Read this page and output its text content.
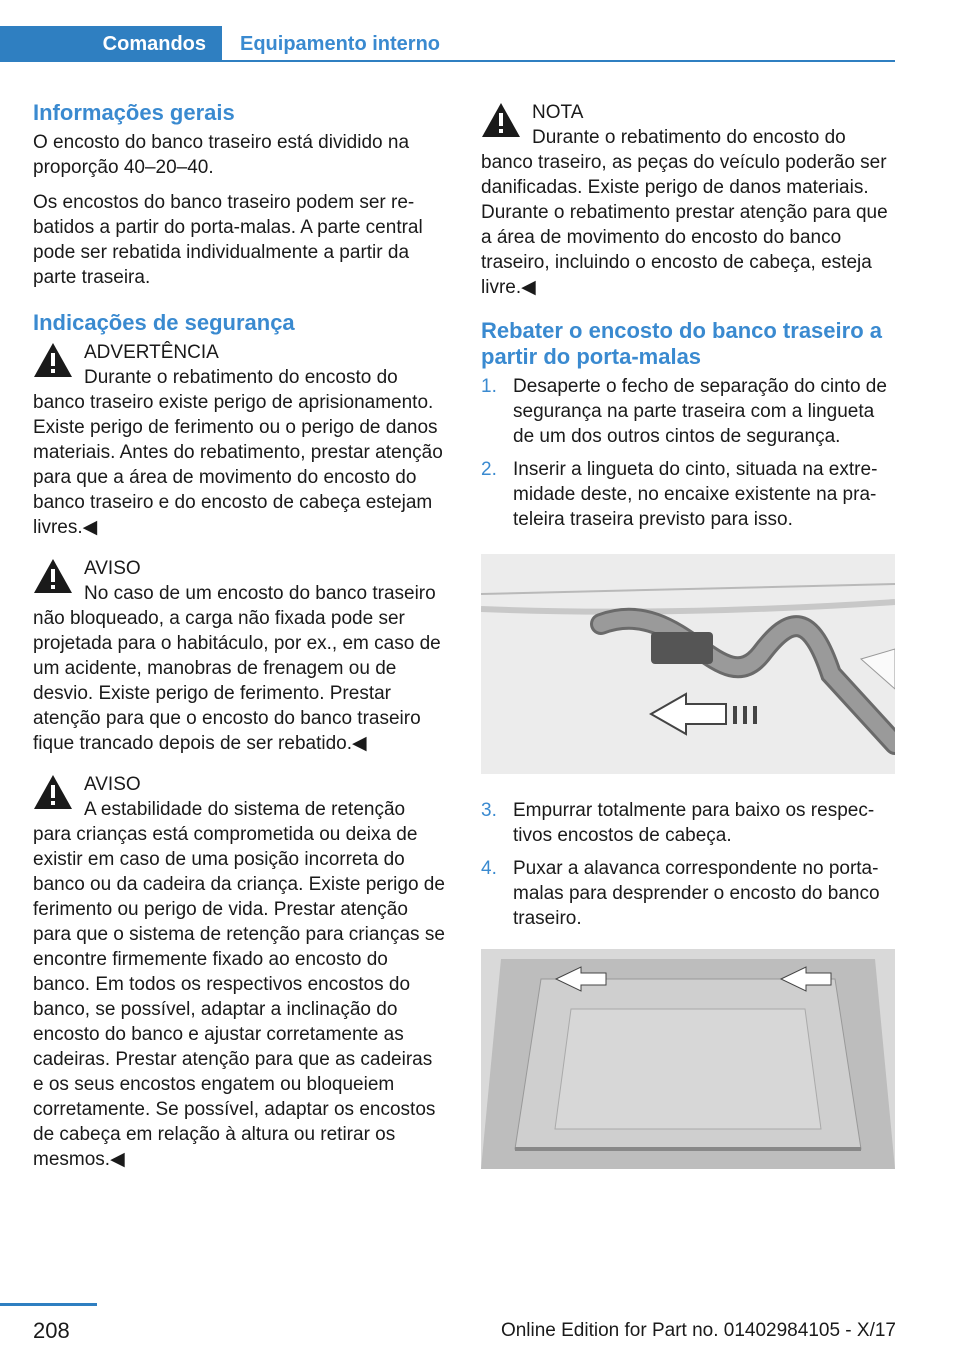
Comandos	Equipamento interno
Informações gerais

O encosto do banco traseiro está dividido na proporção 40–20–40.

Os encostos do banco traseiro podem ser rebatidos a partir do porta-malas. A parte central pode ser rebatida individualmente a partir da parte traseira.

Indicações de segurança
ADVERTÊNCIA

Durante o rebatimento do encosto do banco traseiro existe perigo de aprisionamento. Existe perigo de ferimento ou o perigo de danos materiais. Antes do rebatimento, prestar atenção para que a área de movimento do encosto do banco traseiro e do encosto de cabeça estejam livres.◀

AVISO

No caso de um encosto do banco traseiro não bloqueado, a carga não fixada pode ser projetada para o habitáculo, por ex., em caso de um acidente, manobras de frenagem ou de desvio. Existe perigo de ferimento. Prestar atenção para que o encosto do banco traseiro fique trancado depois de ser rebatido.◀

AVISO

A estabilidade do sistema de retenção para crianças está comprometida ou deixa de existir em caso de uma posição incorreta do banco ou da cadeira da criança. Existe perigo de ferimento ou perigo de vida. Prestar atenção para que o sistema de retenção para crianças se encontre firmemente fixado ao encosto do banco. Em todos os respectivos encostos do banco, se possível, adaptar a inclinação do encosto do banco e ajustar corretamente as cadeiras. Prestar atenção para que as cadeiras e os seus encostos engatem ou bloqueiem corretamente. Se possível, adaptar os encostos de cabeça em relação à altura ou retirar os mesmos.◀

NOTA

Durante o rebatimento do encosto do banco traseiro, as peças do veículo poderão ser danificadas. Existe perigo de danos materiais. Durante o rebatimento prestar atenção para que a área de movimento do encosto do banco traseiro, incluindo o encosto de cabeça, esteja livre.◀

Rebater o encosto do banco traseiro a partir do porta-malas
1. Desaperte o fecho de separação do cinto de segurança na parte traseira com a lingueta de um dos outros cintos de segurança.
2. Inserir a lingueta do cinto, situada na extremidade deste, no encaixe existente na prateleira traseira previsto para isso.
3. Empurrar totalmente para baixo os respectivos encostos de cabeça.
4. Puxar a alavanca correspondente no porta-malas para desprender o encosto do banco traseiro.
208	Online Edition for Part no. 01402984105 - X/17
